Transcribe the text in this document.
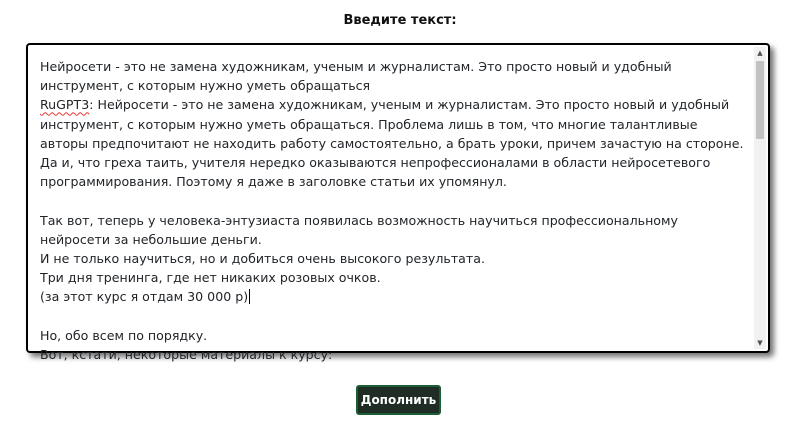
Введите текст:
Нейросети - это не замена художникам, ученым и журналистам. Это просто новый и удобный инструмент, с которым нужно уметь обращаться
RuGPT3: Нейросети - это не замена художникам, ученым и журналистам. Это просто новый и удобный инструмент, с которым нужно уметь обращаться. Проблема лишь в том, что многие талантливые авторы предпочитают не находить работу самостоятельно, а брать уроки, причем зачастую на стороне. Да и, что греха таить, учителя нередко оказываются непрофессионалами в области нейросетевого программирования. Поэтому я даже в заголовке статьи их упомянул.

Так вот, теперь у человека-энтузиаста появилась возможность научиться профессиональному нейросети за небольшие деньги.
И не только научиться, но и добиться очень высокого результата.
Три дня тренинга, где нет никаких розовых очков.
(за этот курс я отдам 30 000 р)

Но, обо всем по порядку.
Вот, кстати, некоторые материалы к курсу:
▲
▼
Дополнить
